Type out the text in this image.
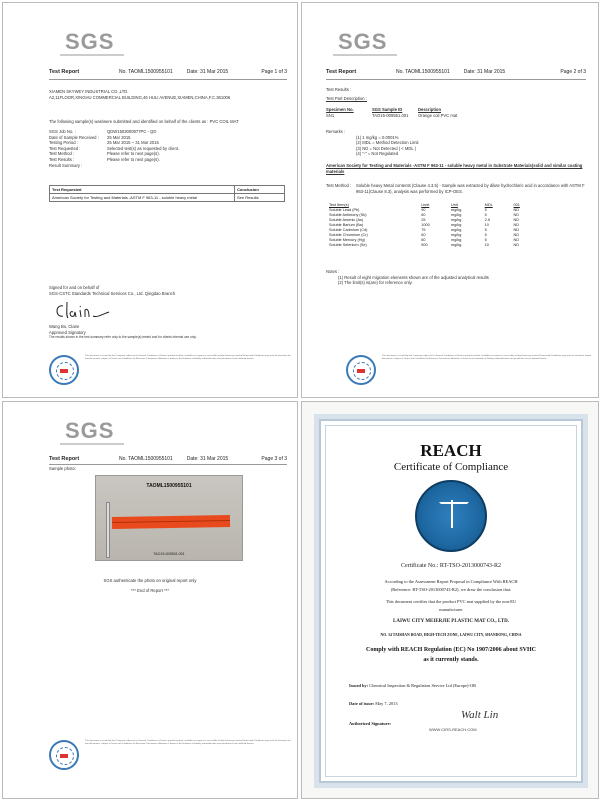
SGS
Test Report	No. TAOML1500955101	Date: 31 Mar 2015	Page 1 of 3
XIAMEN SKYWEY INDUSTRIAL CO.,LTD.
A2,11FLOOR,XINGHU COMMERCIAL BUILDING,46 HULI AVENUE,XIAMEN,CHINA,F.C.361006
The following sample(s) was/were submitted and identified on behalf of the clients as : PVC COIL MAT
SGS Job No. :	QDW1503000977PC - QD
Date of Sample Received :	25 Mar 2015
Testing Period :	25 Mar 2015 ~ 31 Mar 2015
Test Requested :	Selected test(s) as requested by client.
Test Method :	Please refer to next page(s).
Test Results :	Please refer to next page(s).
Result Summary :
Test Requested	Conclusion
American Society for Testing and Materials -ASTM F 963-11 - soluble heavy metal	See Results
Signed for and on behalf of
SGS-CSTC Standards Technical Services Co., Ltd. Qingdao Branch
Wang Bo, Claire
Approved Signatory
The results shown in the test summary refer only to the sample(s) tested and for clients internal use only.
This document is issued by the Company subject to its General Conditions of Service printed overleaf, available on request or accessible at http://www.sgs.com/en/Terms-and-Conditions.aspx and, for electronic format documents, subject to Terms and Conditions for Electronic Documents. Attention is drawn to the limitation of liability, indemnification and jurisdiction issues defined therein.
SGS
Test Report	No. TAOML1500955101	Date: 31 Mar 2015	Page 2 of 3
Test Results :
Test Part Description :
Specimen No.	SGS Sample ID	Description
SN1	TAO15-009551.001	Orange coil PVC mat
Remarks :
(1) 1 mg/kg = 0.0001%
(2) MDL = Method Detection Limit
(3) ND = Not Detected ( < MDL )
(4) "-" = Not Regulated
American Society for Testing and Materials -ASTM F 963-11 - soluble heavy metal in Substrate Materials(solid and similar coating materials
Test Method :	Soluble heavy Metal contents (Clause 4.3.5) - Sample was extracted by dilute hydrochloric acid in accordance with ASTM F 963-11(Clause 8.3), analysis was performed by ICP-OES.
Test Item(s)	Limit	Unit	MDL	001
Soluble Lead (Pb)	90	mg/kg	5	ND
Soluble Antimony (Sb)	60	mg/kg	5	ND
Soluble Arsenic (As)	25	mg/kg	2.5	ND
Soluble Barium (Ba)	1000	mg/kg	10	ND
Soluble Cadmium (Cd)	75	mg/kg	5	ND
Soluble Chromium (Cr)	60	mg/kg	5	ND
Soluble Mercury (Hg)	60	mg/kg	5	ND
Soluble Selenium (Se)	500	mg/kg	10	ND
Notes :
(1) Result of eight migration elements shown are of the adjusted analytical results
(2) The limit(s) is(are) for reference only.
This document is issued by the Company subject to its General Conditions of Service printed overleaf, available on request or accessible at http://www.sgs.com/en/Terms-and-Conditions.aspx and, for electronic format documents, subject to Terms and Conditions for Electronic Documents. Attention is drawn to the limitation of liability, indemnification and jurisdiction issues defined therein.
SGS
Test Report	No. TAOML1500955101	Date: 31 Mar 2015	Page 3 of 3
Sample photo:
TAOML1500955101
TAO15-009551.001
SGS authenticate the photo on original report only
*** End of Report ***
This document is issued by the Company subject to its General Conditions of Service printed overleaf, available on request or accessible at http://www.sgs.com/en/Terms-and-Conditions.aspx and, for electronic format documents, subject to Terms and Conditions for Electronic Documents. Attention is drawn to the limitation of liability, indemnification and jurisdiction issues defined therein.
REACH
Certificate of Compliance
Certificate No.: RT-TSO-2013000743-R2
According to the Assessment Report Proposal in Compliance With REACH
(Reference: RT-TSO-2013000743-R2), we draw the conclusion that:
This document certifies that the product PVC mat supplied by the non-EU
manufacturer
LAIWU CITY MEIERJIE PLASTIC MAT CO., LTD.
NO. 34 TAISHAN ROAD, HIGH-TECH ZONE, LAIWU CITY, SHANDONG, CHINA
Comply with REACH Regulation (EC) No 1907/2006 about SVHC
as it currently stands.
Issued by: Chemical Inspection & Regulation Service Ltd (Europe)-OR
Date of issue: May 7, 2013
Authorized Signature:
Walt Lin
WWW.CIRS-REACH.COM
